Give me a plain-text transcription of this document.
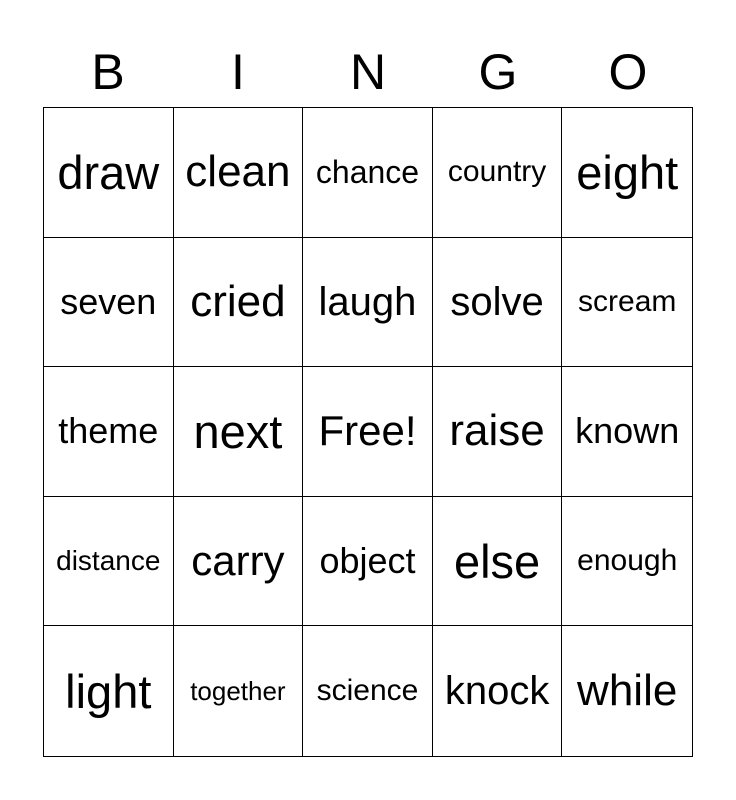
B	I	N	G	O
draw clean chance country eight
seven cried laugh solve	scream
theme next Free! raise known
distance carry object else	enough
light	together	science knock while
